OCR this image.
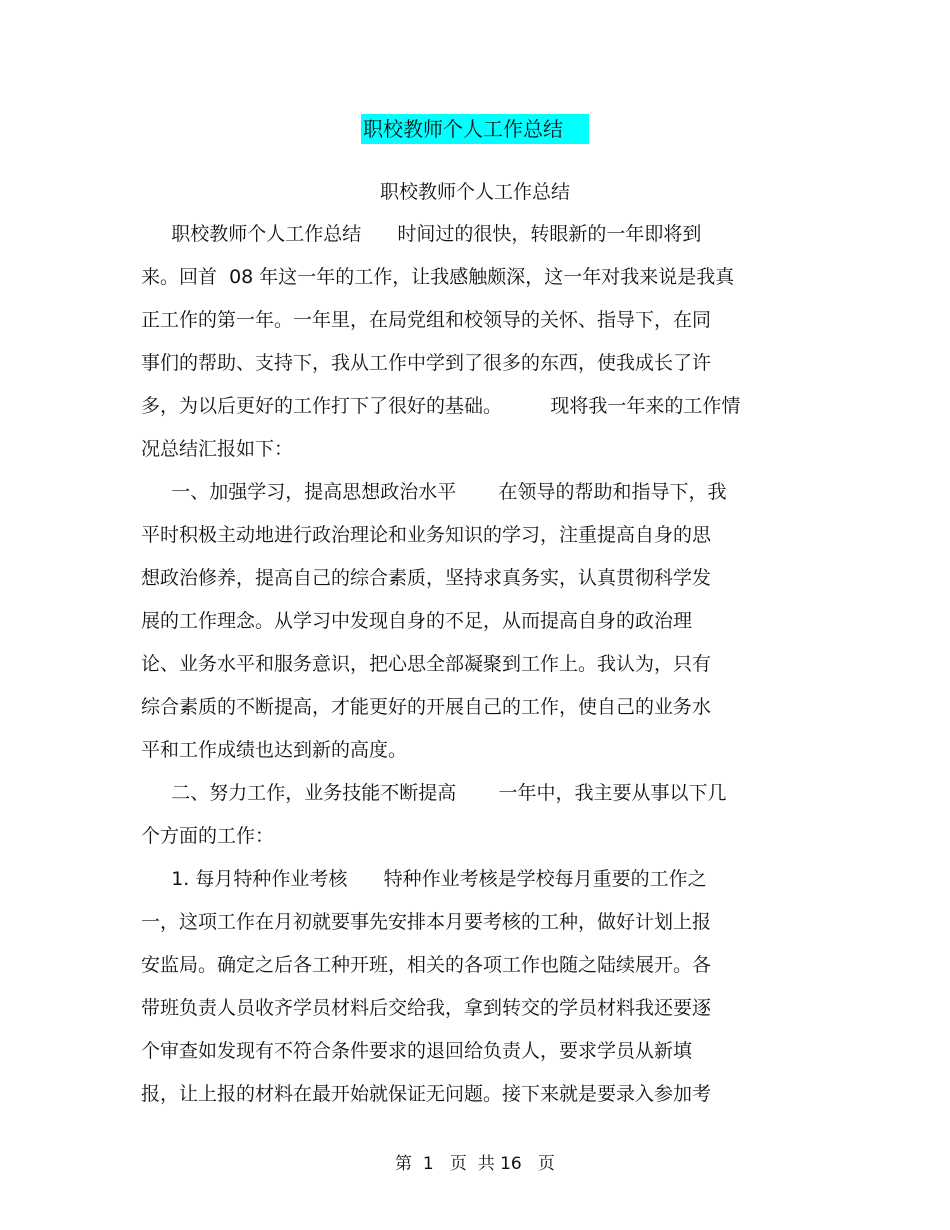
职校教师个人工作总结
职校教师个人工作总结
职校教师个人工作总结      时间过的很快，转眼新的一年即将到
来。回首  08 年这一年的工作，让我感触颇深，这一年对我来说是我真
正工作的第一年。一年里，在局党组和校领导的关怀、指导下，在同
事们的帮助、支持下，我从工作中学到了很多的东西，使我成长了许
多，为以后更好的工作打下了很好的基础。        现将我一年来的工作情
况总结汇报如下：
一、加强学习，提高思想政治水平       在领导的帮助和指导下，我
平时积极主动地进行政治理论和业务知识的学习，注重提高自身的思
想政治修养，提高自己的综合素质，坚持求真务实，认真贯彻科学发
展的工作理念。从学习中发现自身的不足，从而提高自身的政治理
论、业务水平和服务意识，把心思全部凝聚到工作上。我认为，只有
综合素质的不断提高，才能更好的开展自己的工作，使自己的业务水
平和工作成绩也达到新的高度。
二、努力工作，业务技能不断提高       一年中，我主要从事以下几
个方面的工作：
1. 每月特种作业考核      特种作业考核是学校每月重要的工作之
一，这项工作在月初就要事先安排本月要考核的工种，做好计划上报
安监局。确定之后各工种开班，相关的各项工作也随之陆续展开。各
带班负责人员收齐学员材料后交给我，拿到转交的学员材料我还要逐
个审查如发现有不符合条件要求的退回给负责人，要求学员从新填
报，让上报的材料在最开始就保证无问题。接下来就是要录入参加考
第  1   页  共 16   页
